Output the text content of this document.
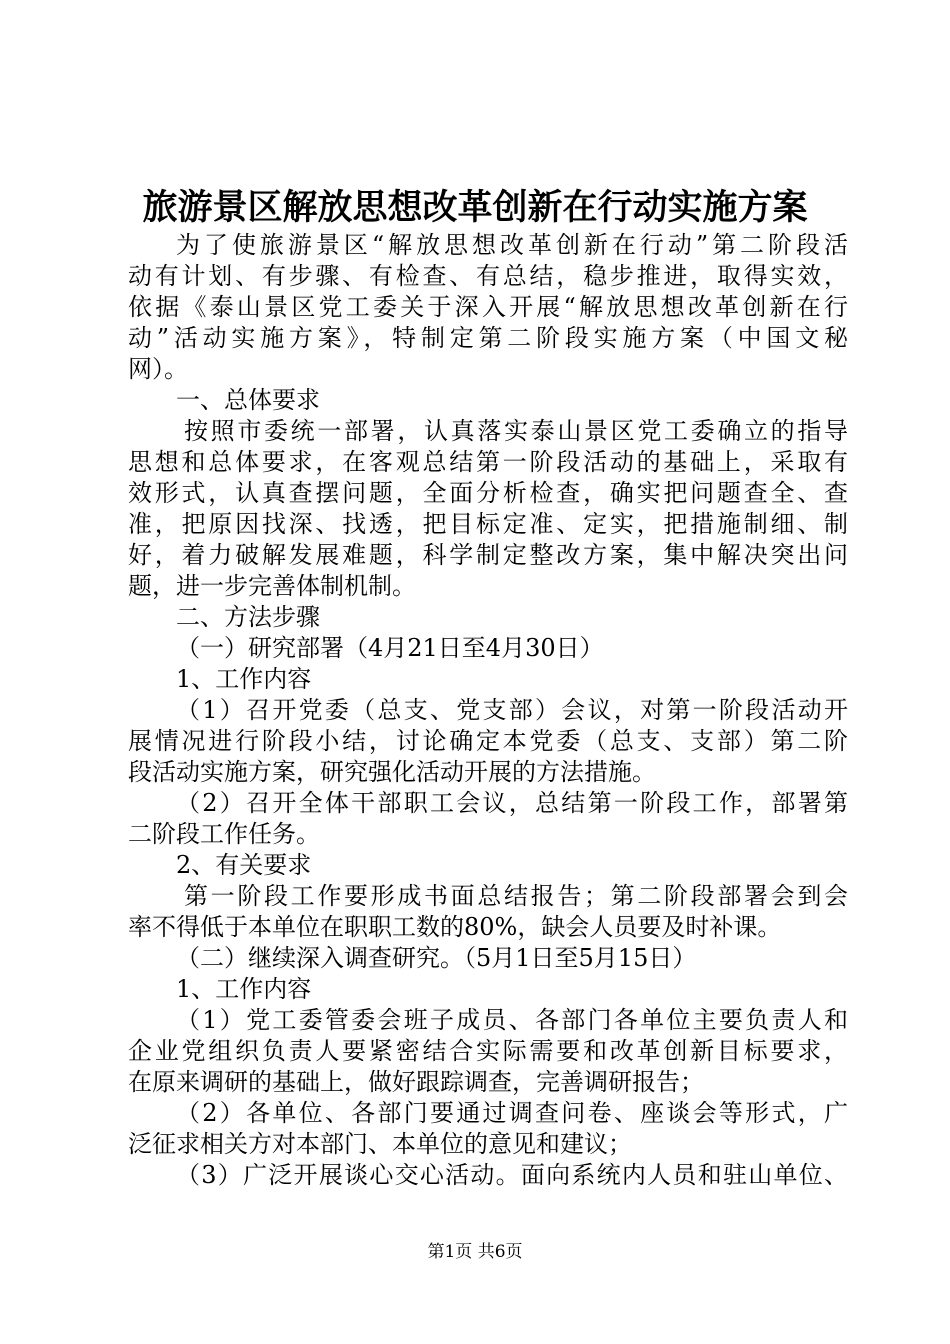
旅游景区解放思想改革创新在行动实施方案
为了使旅游景区“解放思想改革创新在行动”第二阶段活
动有计划、有步骤、有检查、有总结，稳步推进，取得实效，
依据《泰山景区党工委关于深入开展“解放思想改革创新在行
动”活动实施方案》，特制定第二阶段实施方案（中国文秘
网）。
一、总体要求
按照市委统一部署，认真落实泰山景区党工委确立的指导
思想和总体要求，在客观总结第一阶段活动的基础上，采取有
效形式，认真查摆问题，全面分析检查，确实把问题查全、查
准，把原因找深、找透，把目标定准、定实，把措施制细、制
好，着力破解发展难题，科学制定整改方案，集中解决突出问
题，进一步完善体制机制。
二、方法步骤
（一）研究部署（4月21日至4月30日）
1、工作内容
（1）召开党委（总支、党支部）会议，对第一阶段活动开
展情况进行阶段小结，讨论确定本党委（总支、支部）第二阶
段活动实施方案，研究强化活动开展的方法措施。
（2）召开全体干部职工会议，总结第一阶段工作，部署第
二阶段工作任务。
2、有关要求
第一阶段工作要形成书面总结报告；第二阶段部署会到会
率不得低于本单位在职职工数的80%，缺会人员要及时补课。
（二）继续深入调查研究。（5月1日至5月15日）
1、工作内容
（1）党工委管委会班子成员、各部门各单位主要负责人和
企业党组织负责人要紧密结合实际需要和改革创新目标要求，
在原来调研的基础上，做好跟踪调查，完善调研报告；
（2）各单位、各部门要通过调查问卷、座谈会等形式，广
泛征求相关方对本部门、本单位的意见和建议；
（3）广泛开展谈心交心活动。面向系统内人员和驻山单位、
第1页 共6页
